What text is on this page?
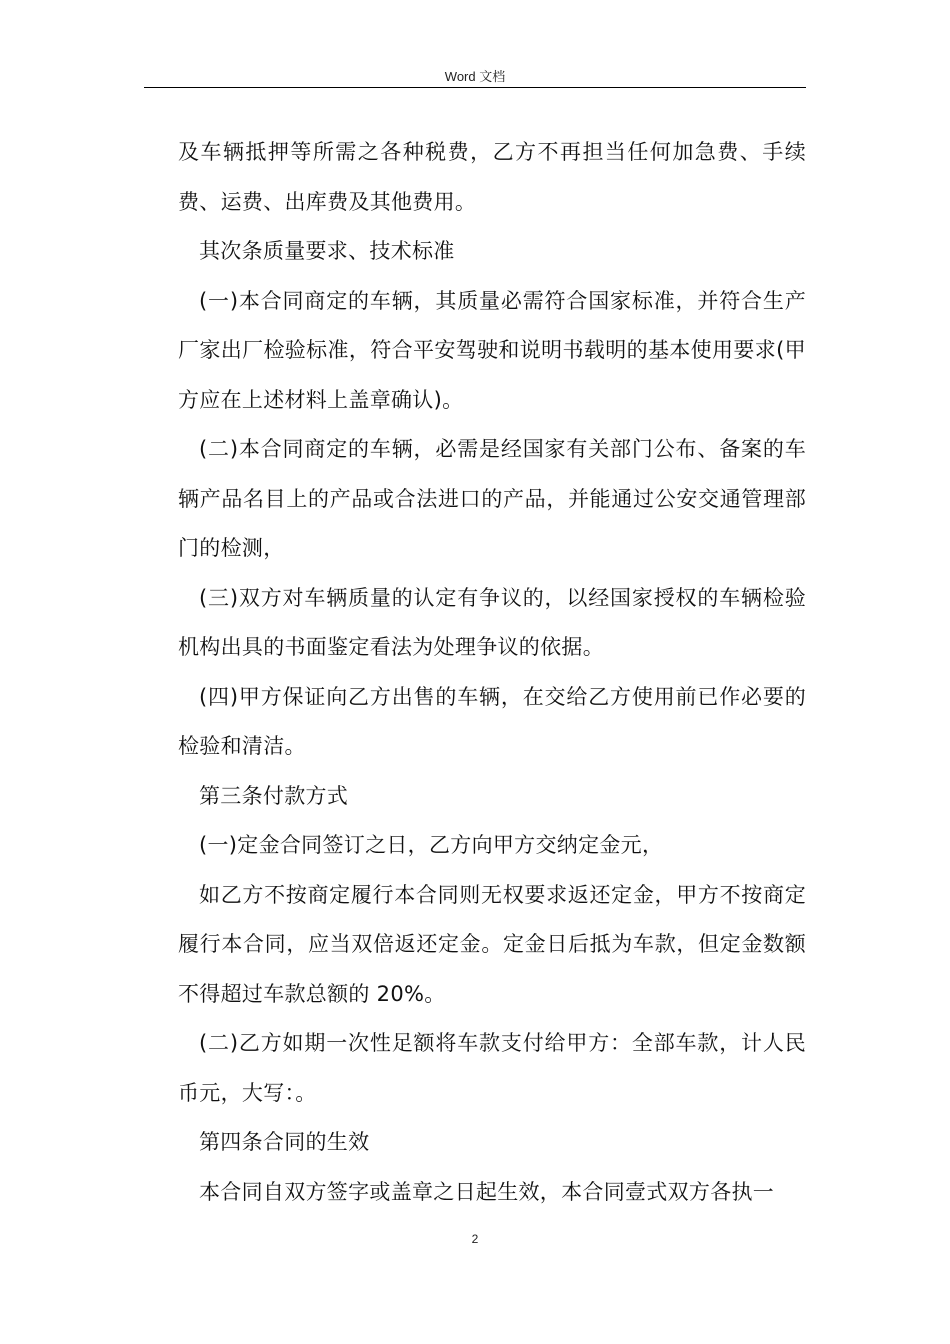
Word 文档

及车辆抵押等所需之各种税费，乙方不再担当任何加急费、手续费、运费、出库费及其他费用。

其次条质量要求、技术标准

(一)本合同商定的车辆，其质量必需符合国家标准，并符合生产厂家出厂检验标准，符合平安驾驶和说明书载明的基本使用要求(甲方应在上述材料上盖章确认)。

(二)本合同商定的车辆，必需是经国家有关部门公布、备案的车辆产品名目上的产品或合法进口的产品，并能通过公安交通管理部门的检测，

(三)双方对车辆质量的认定有争议的，以经国家授权的车辆检验机构出具的书面鉴定看法为处理争议的依据。

(四)甲方保证向乙方出售的车辆，在交给乙方使用前已作必要的检验和清洁。

第三条付款方式

(一)定金合同签订之日，乙方向甲方交纳定金元，

如乙方不按商定履行本合同则无权要求返还定金，甲方不按商定履行本合同，应当双倍返还定金。定金日后抵为车款，但定金数额不得超过车款总额的 20%。

(二)乙方如期一次性足额将车款支付给甲方：全部车款，计人民币元，大写：。

第四条合同的生效

本合同自双方签字或盖章之日起生效，本合同壹式双方各执一

2
